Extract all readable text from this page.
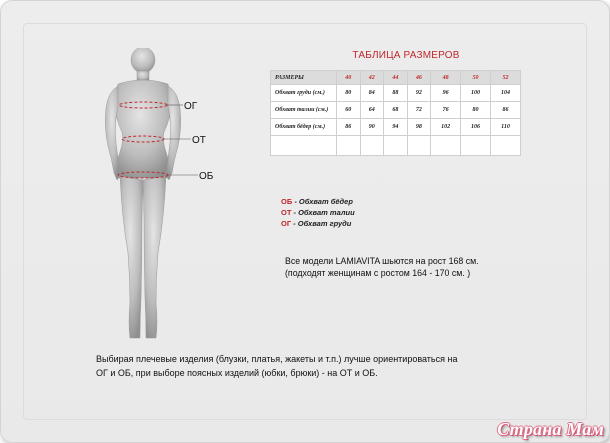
ОГ
ОТ
ОБ
ТАБЛИЦА РАЗМЕРОВ
РАЗМЕРЫ	40	42	44	46	48	50	52
Обхват груди (см.)	80	84	88	92	96	100	104
Обхват талии (см.)	60	64	68	72	76	80	86
Обхват бёдер (см.)	86	90	94	98	102	106	110

ОБ - Обхват бёдер
ОТ - Обхват талии
ОГ - Обхват груди
Все модели LAMIAVITA шьются на рост 168 см.
(подходят женщинам с ростом 164 - 170 см. )
Выбирая плечевые изделия (блузки, платья, жакеты и т.п.) лучше ориентироваться на
ОГ и ОБ, при выборе поясных изделий (юбки, брюки) - на ОТ и ОБ.
Страна Мам
